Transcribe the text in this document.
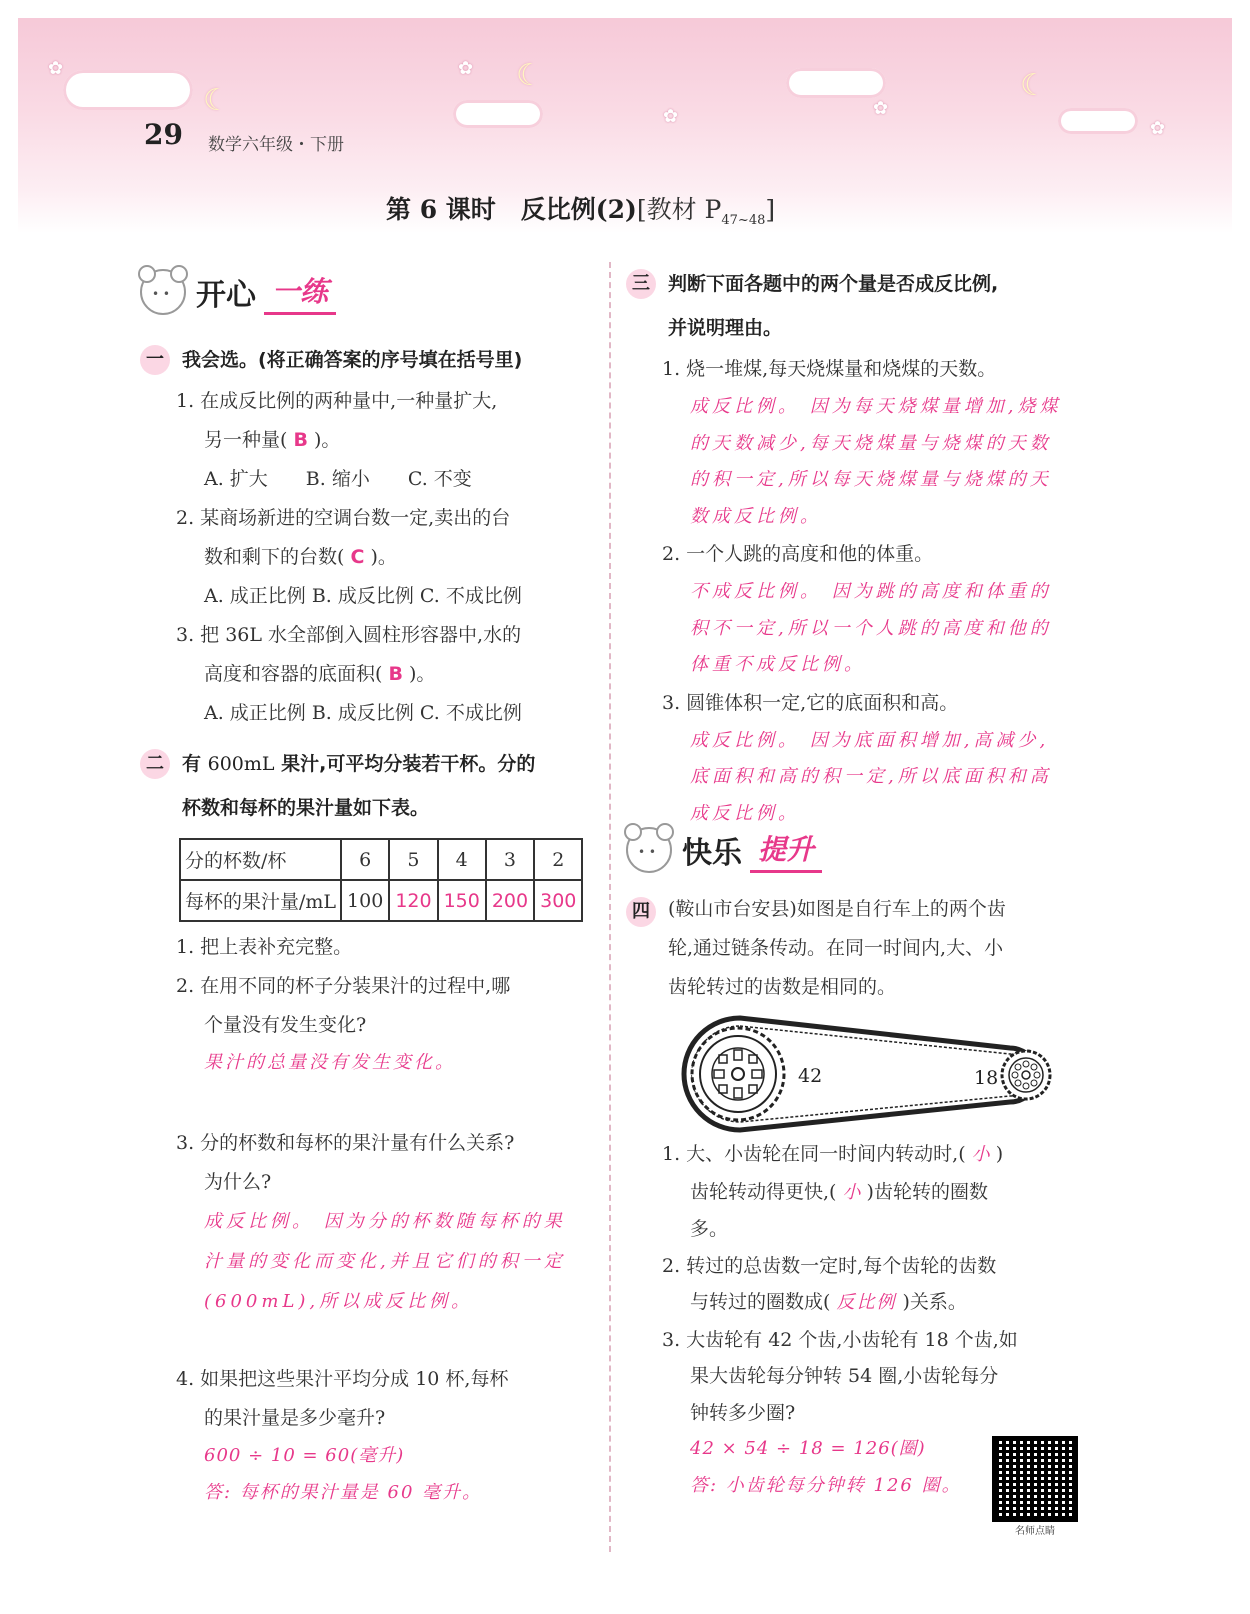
☾
☾	☾
✿	✿
✿	✿
✿
29 数学六年级・下册
第 6 课时　反比例(2)[教材 $P_{47\sim 48}$]
• • 开心 一练
一 我会选。(将正确答案的序号填在括号里)
1. 在成反比例的两种量中,一种量扩大,
另一种量( B )。
A. 扩大　　B. 缩小　　C. 不变
2. 某商场新进的空调台数一定,卖出的台
数和剩下的台数( C )。
A. 成正比例 B. 成反比例 C. 不成比例
3. 把 36L 水全部倒入圆柱形容器中,水的
高度和容器的底面积( B )。
A. 成正比例 B. 成反比例 C. 不成比例
二 有 600mL 果汁,可平均分装若干杯。分的
杯数和每杯的果汁量如下表。
分的杯数/杯	6	5	4	3	2
每杯的果汁量/mL	100	120	150	200	300
1. 把上表补充完整。
2. 在用不同的杯子分装果汁的过程中,哪
个量没有发生变化?
果汁的总量没有发生变化。
3. 分的杯数和每杯的果汁量有什么关系?
为什么?
成反比例。 因为分的杯数随每杯的果
汁量的变化而变化,并且它们的积一定
(600mL),所以成反比例。
4. 如果把这些果汁平均分成 10 杯,每杯
的果汁量是多少毫升?
600 ÷ 10 = 60(毫升)
答: 每杯的果汁量是 60 毫升。
三 判断下面各题中的两个量是否成反比例,
并说明理由。
1. 烧一堆煤,每天烧煤量和烧煤的天数。
成反比例。 因为每天烧煤量增加,烧煤
的天数减少,每天烧煤量与烧煤的天数
的积一定,所以每天烧煤量与烧煤的天
数成反比例。
2. 一个人跳的高度和他的体重。
不成反比例。 因为跳的高度和体重的
积不一定,所以一个人跳的高度和他的
体重不成反比例。
3. 圆锥体积一定,它的底面积和高。
成反比例。 因为底面积增加,高减少,
底面积和高的积一定,所以底面积和高
成反比例。
• • 快乐 提升
四 (鞍山市台安县)如图是自行车上的两个齿
轮,通过链条传动。在同一时间内,大、小
齿轮转过的齿数是相同的。
42	18
1. 大、小齿轮在同一时间内转动时,( 小 )
齿轮转动得更快,( 小 )齿轮转的圈数
多。
2. 转过的总齿数一定时,每个齿轮的齿数
与转过的圈数成( 反比例 )关系。
3. 大齿轮有 42 个齿,小齿轮有 18 个齿,如
果大齿轮每分钟转 54 圈,小齿轮每分
钟转多少圈?
42 × 54 ÷ 18 = 126(圈)
答: 小齿轮每分钟转 126 圈。
名师点睛
